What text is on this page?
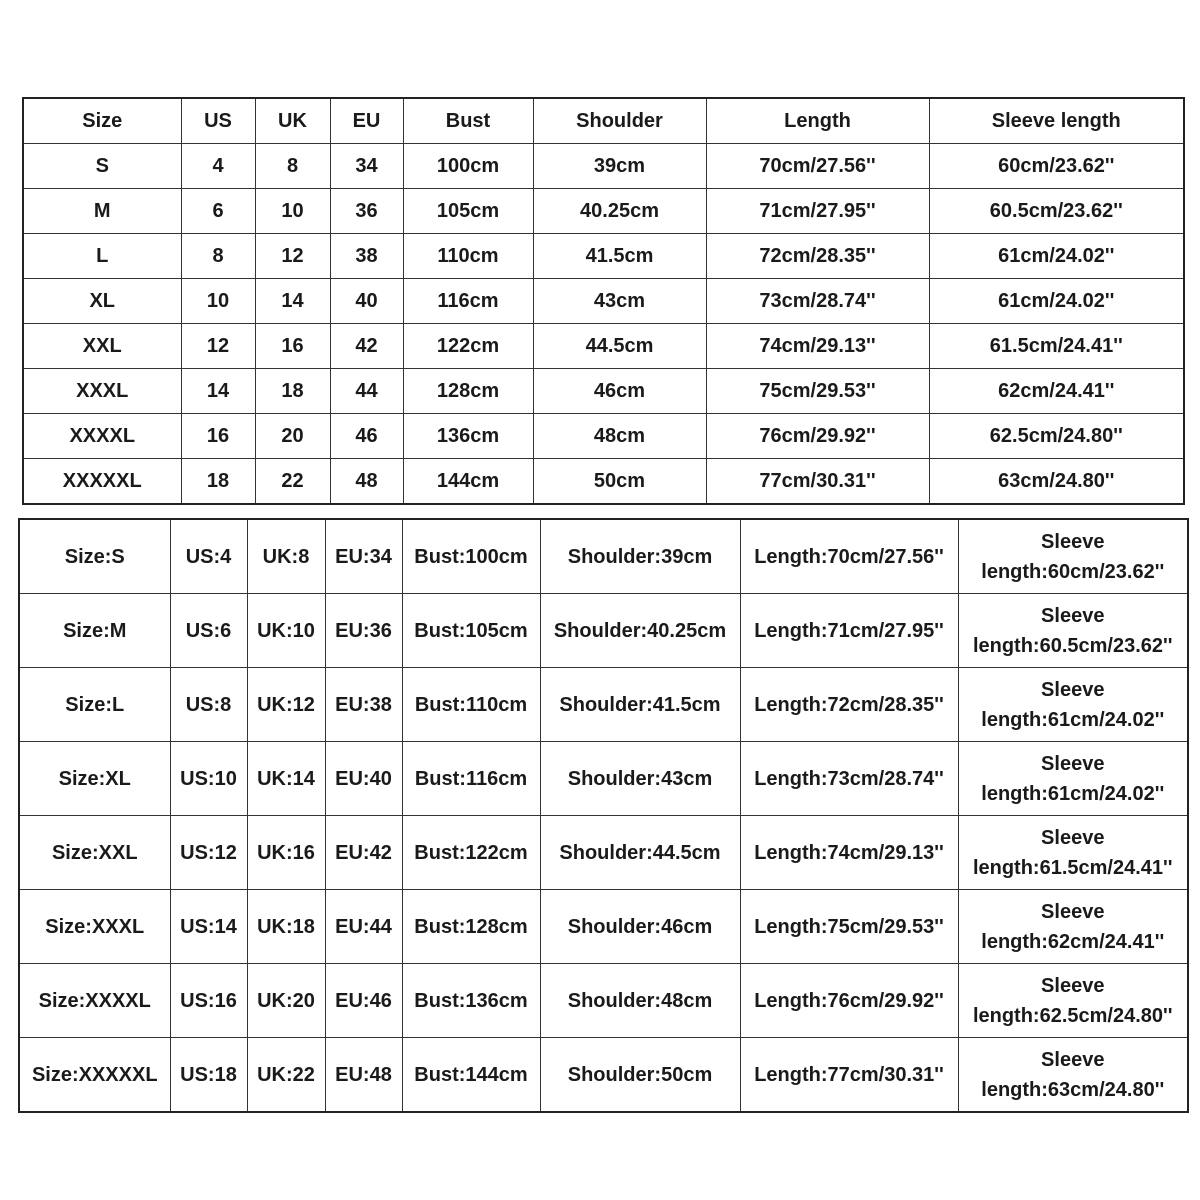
Size	US	UK	EU	Bust	Shoulder	Length	Sleeve length
S	4	8	34	100cm	39cm	70cm/27.56''	60cm/23.62''
M	6	10	36	105cm	40.25cm	71cm/27.95''	60.5cm/23.62''
L	8	12	38	110cm	41.5cm	72cm/28.35''	61cm/24.02''
XL	10	14	40	116cm	43cm	73cm/28.74''	61cm/24.02''
XXL	12	16	42	122cm	44.5cm	74cm/29.13''	61.5cm/24.41''
XXXL	14	18	44	128cm	46cm	75cm/29.53''	62cm/24.41''
XXXXL	16	20	46	136cm	48cm	76cm/29.92''	62.5cm/24.80''
XXXXXL	18	22	48	144cm	50cm	77cm/30.31''	63cm/24.80''
Size:S	US:4	UK:8	EU:34	Bust:100cm	Shoulder:39cm	Length:70cm/27.56''	Sleeve
length:60cm/23.62''

Size:M	US:6	UK:10	EU:36	Bust:105cm	Shoulder:40.25cm	Length:71cm/27.95''	Sleeve
length:60.5cm/23.62''

Size:L	US:8	UK:12	EU:38	Bust:110cm	Shoulder:41.5cm	Length:72cm/28.35''	Sleeve
length:61cm/24.02''

Size:XL	US:10	UK:14	EU:40	Bust:116cm	Shoulder:43cm	Length:73cm/28.74''	Sleeve
length:61cm/24.02''

Size:XXL	US:12	UK:16	EU:42	Bust:122cm	Shoulder:44.5cm	Length:74cm/29.13''	Sleeve
length:61.5cm/24.41''

Size:XXXL	US:14	UK:18	EU:44	Bust:128cm	Shoulder:46cm	Length:75cm/29.53''	Sleeve
length:62cm/24.41''

Size:XXXXL	US:16	UK:20	EU:46	Bust:136cm	Shoulder:48cm	Length:76cm/29.92''	Sleeve
length:62.5cm/24.80''

Size:XXXXXL	US:18	UK:22	EU:48	Bust:144cm	Shoulder:50cm	Length:77cm/30.31''	Sleeve
length:63cm/24.80''
